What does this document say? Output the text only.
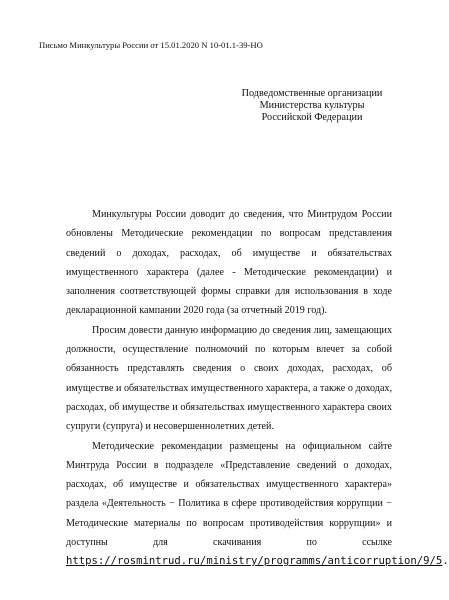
Письмо Минкультуры России от 15.01.2020 N 10-01.1-39-НО
Подведомственные организации
Министерства культуры
Российской Федерации

Минкультуры России доводит до сведения, что Минтрудом России обновлены Методические рекомендации по вопросам представления сведений о доходах, расходах, об имуществе и обязательствах имущественного характера (далее - Методические рекомендации) и заполнения соответствующей формы справки для использования в ходе декларационной кампании 2020 года (за отчетный 2019 год).

Просим довести данную информацию до сведения лиц, замещающих должности, осуществление полномочий по которым влечет за собой обязанность представлять сведения о своих доходах, расходах, об имуществе и обязательствах имущественного характера, а также о доходах, расходах, об имуществе и обязательствах имущественного характера своих супруги (супруга) и несовершеннолетних детей.

Методические рекомендации размещены на официальном сайте Минтруда России в подразделе «Представление сведений о доходах, расходах, об имуществе и обязательствах имущественного характера» раздела «Деятельность − Политика в сфере противодействия коррупции − Методические материалы по вопросам противодействия коррупции» и доступны для скачивания по ссылке

https://rosmintrud.ru/ministry/programms/anticorruption/9/5.
